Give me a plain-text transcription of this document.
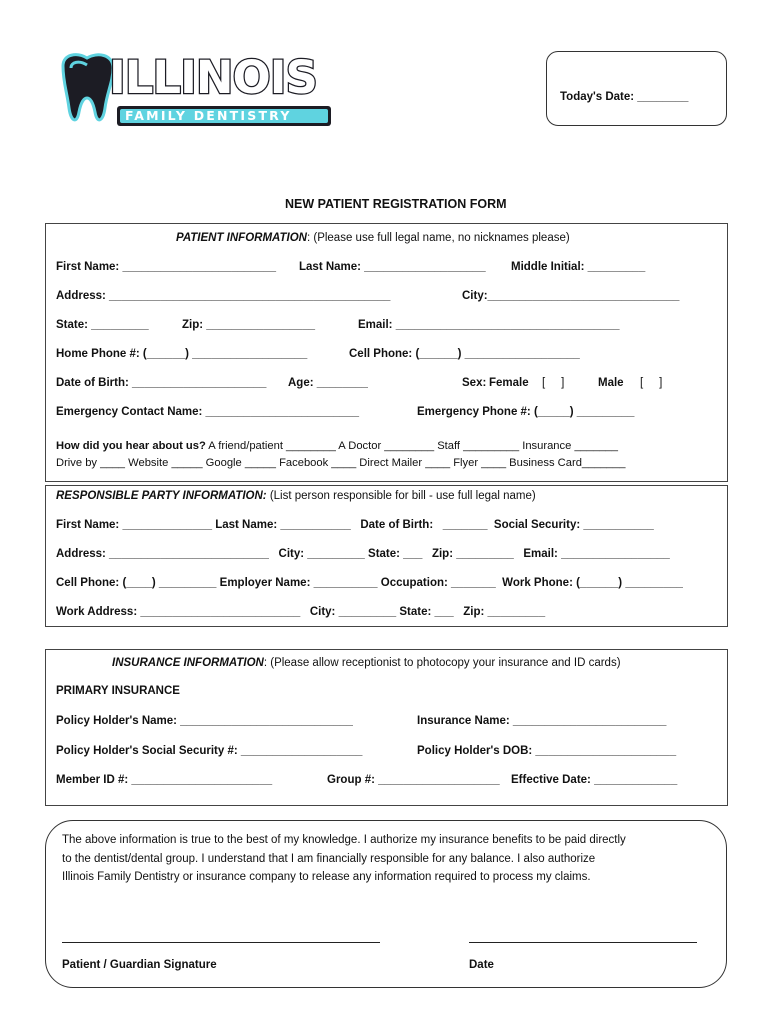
ILLINOIS
FAMILY DENTISTRY
Today's Date: ________
NEW PATIENT REGISTRATION FORM
PATIENT INFORMATION: (Please use full legal name, no nicknames please)
First Name: ________________________ Last Name: ___________________ Middle Initial: _________
Address: ____________________________________________	City:______________________________
State: _________	Zip: _________________	Email: ___________________________________
Home Phone #: (______) __________________	Cell Phone: (______) __________________
Date of Birth: _____________________ Age: ________	Sex: Female [     ]	Male [     ]
Emergency Contact Name: ________________________	Emergency Phone #: (_____) _________
How did you hear about us? A friend/patient ________ A Doctor ________ Staff _________ Insurance _______
Drive by ____ Website _____ Google _____ Facebook ____ Direct Mailer ____ Flyer ____ Business Card_______
RESPONSIBLE PARTY INFORMATION: (List person responsible for bill - use full legal name)
First Name: ______________ Last Name: ___________   Date of Birth:   _______  Social Security: ___________
Address: _________________________   City: _________ State: ___   Zip: _________   Email: _________________
Cell Phone: (____) _________ Employer Name: __________ Occupation: _______  Work Phone: (______) _________
Work Address: _________________________   City: _________ State: ___   Zip: _________
INSURANCE INFORMATION: (Please allow receptionist to photocopy your insurance and ID cards)
PRIMARY INSURANCE
Policy Holder's Name: ___________________________	Insurance Name: ________________________
Policy Holder's Social Security #: ___________________	Policy Holder's DOB: ______________________
Member ID #: ______________________	Group #: ___________________ Effective Date: _____________
The above information is true to the best of my knowledge. I authorize my insurance benefits to be paid directly
to the dentist/dental group. I understand that I am financially responsible for any balance. I also authorize
Illinois Family Dentistry or insurance company to release any information required to process my claims.
Patient / Guardian Signature	Date
